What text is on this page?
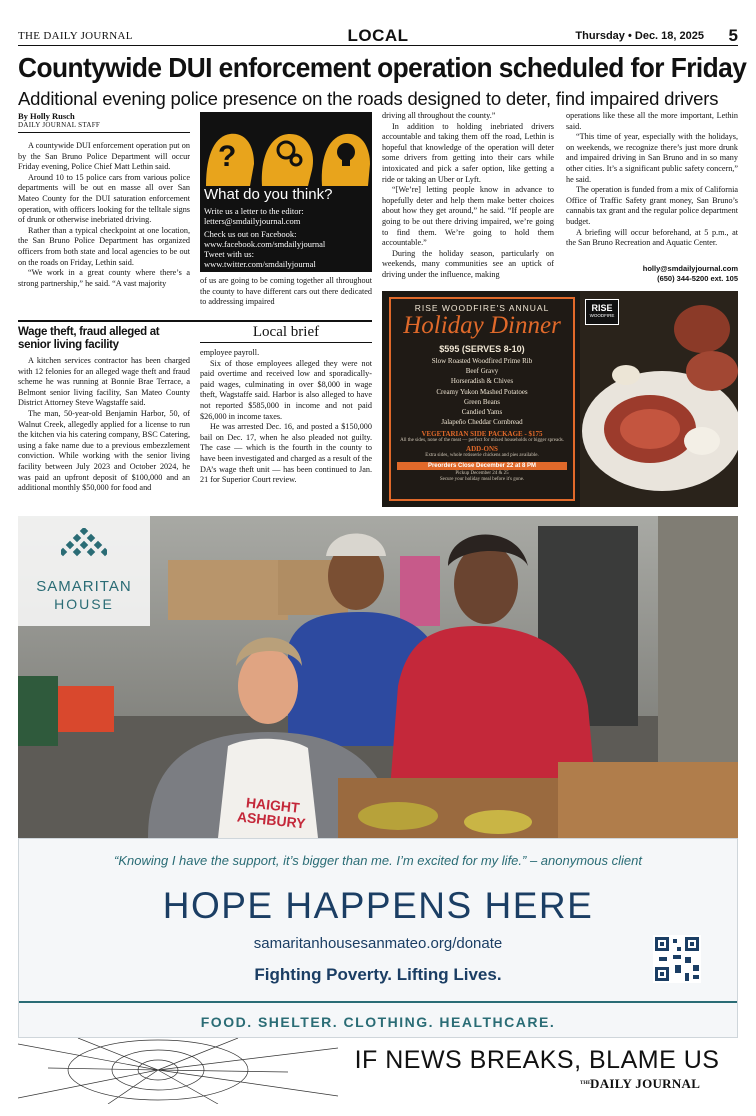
THE DAILY JOURNAL	LOCAL	Thursday • Dec. 18, 2025 5
Countywide DUI enforcement operation scheduled for Friday
Additional evening police presence on the roads designed to deter, find impaired drivers
By Holly Rusch
DAILY JOURNAL STAFF

A countywide DUI enforcement operation put on by the San Bruno Police Department will occur Friday evening, Police Chief Matt Lethin said.

Around 10 to 15 police cars from various police departments will be out en masse all over San Mateo County for the DUI saturation enforcement operation, with officers looking for the telltale signs of drunk or otherwise inebriated driving.

Rather than a typical checkpoint at one location, the San Bruno Police Department has organized officers from both state and local agencies to be out on the roads on Friday, Lethin said.

“We work in a great county where there’s a strong partnership,” he said. “A vast majority

?
What do you think?
Write us a letter to the editor:
letters@smdailyjournal.com
Check us out on Facebook:
www.facebook.com/smdailyjournal
Tweet with us:
www.twitter.com/smdailyjournal

of us are going to be coming together all throughout the county to have different cars out there dedicated to addressing impaired

driving all throughout the county.”

In addition to holding inebriated drivers accountable and taking them off the road, Lethin is hopeful that knowledge of the operation will deter some drivers from getting into their cars while intoxicated and pick a safer option, like getting a ride or taking an Uber or Lyft.

“[We’re] letting people know in advance to hopefully deter and help them make better choices about how they get around,” he said. “If people are going to be out there driving impaired, we’re going to find them. We’re going to hold them accountable.”

During the holiday season, particularly on weekends, many communities see an uptick of driving under the influence, making

operations like these all the more important, Lethin said.

“This time of year, especially with the holidays, on weekends, we recognize there’s just more drunk and impaired driving in San Bruno and in so many other cities. It’s a significant public safety concern,” he said.

The operation is funded from a mix of California Office of Traffic Safety grant money, San Bruno’s cannabis tax grant and the regular police department budget.

A briefing will occur beforehand, at 5 p.m., at the San Bruno Recreation and Aquatic Center.

holly@smdailyjournal.com
(650) 344-5200 ext. 105
Wage theft, fraud alleged at senior living facility
Local brief

A kitchen services contractor has been charged with 12 felonies for an alleged wage theft and fraud scheme he was running at Bonnie Brae Terrace, a Belmont senior living facility, San Mateo County District Attorney Steve Wagstaffe said.

The man, 50-year-old Benjamin Harbor, 50, of Walnut Creek, allegedly applied for a license to run the kitchen via his catering company, BSC Catering, using a fake name due to a previous embezzlement conviction. While working with the senior living facility between July 2023 and October 2024, he was paid an upfront deposit of $100,000 and an additional monthly $50,000 for food and

employee payroll.

Six of those employees alleged they were not paid overtime and received low and sporadically-paid wages, culminating in over $8,000 in wage theft, Wagstaffe said. Harbor is also alleged to have not reported $585,000 in income and not paid $26,000 in income taxes.

He was arrested Dec. 16, and posted a $150,000 bail on Dec. 17, when he also pleaded not guilty. The case — which is the fourth in the county to have been investigated and charged as a result of the DA’s wage theft unit — has been continued to Jan. 21 for Superior Court review.

RISE WOODFIRE'S ANNUAL
Holiday Dinner
$595 (SERVES 8-10)
Slow Roasted Woodfired Prime Rib
Beef Gravy
Horseradish & Chives
Creamy Yukon Mashed Potatoes
Green Beans
Candied Yams
Jalapeño Cheddar Cornbread
VEGETARIAN SIDE PACKAGE - $175
All the sides, none of the meat — perfect for mixed households or bigger spreads.
ADD-ONS
Extra sides, whole rotisserie chickens and pies available.
Preorders Close December 22 at 8 PM
Pickup December 24 & 25
Secure your holiday meal before it's gone.
RISE
WOODFIRE
HAIGHT ASHBURY
SAMARITAN
HOUSE
“Knowing I have the support, it’s bigger than me. I’m excited for my life.” – anonymous client
HOPE HAPPENS HERE
samaritanhousesanmateo.org/donate
Fighting Poverty. Lifting Lives.
FOOD. SHELTER. CLOTHING. HEALTHCARE.
IF NEWS BREAKS, BLAME US
THE DAILY JOURNAL
